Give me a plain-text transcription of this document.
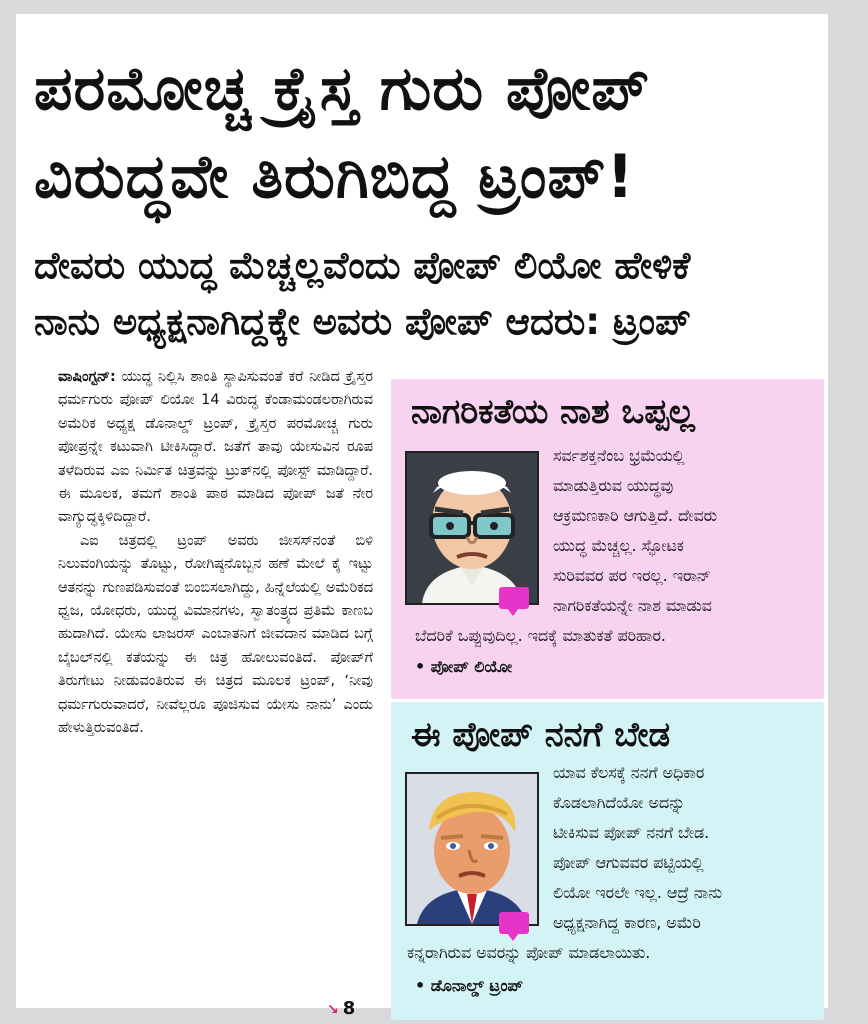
ಪರಮೋಚ್ಚ ಕ್ರೈಸ್ತ ಗುರು ಪೋಪ್
ವಿರುದ್ಧವೇ ತಿರುಗಿಬಿದ್ದ ಟ್ರಂಪ್!
ದೇವರು ಯುದ್ಧ ಮೆಚ್ಚಲ್ಲವೆಂದು ಪೋಪ್ ಲಿಯೋ ಹೇಳಿಕೆ
ನಾನು ಅಧ್ಯಕ್ಷನಾಗಿದ್ದಕ್ಕೇ ಅವರು ಪೋಪ್ ಆದರು: ಟ್ರಂಪ್

ವಾಷಿಂಗ್ಟನ್: ಯುದ್ಧ ನಿಲ್ಲಿಸಿ ಶಾಂತಿ ಸ್ಥಾಪಿಸುವಂತೆ ಕರೆ ನೀಡಿದ ಕ್ರೈಸ್ತರ ಧರ್ಮಗುರು ಪೋಪ್ ಲಿಯೋ 14 ವಿರುದ್ಧ ಕೆಂಡಾಮಂಡಲರಾಗಿರುವ ಅಮೆರಿಕ ಅಧ್ಯಕ್ಷ ಡೊನಾಲ್ಡ್ ಟ್ರಂಪ್, ಕ್ರೈಸ್ತರ ಪರಮೋಚ್ಚ ಗುರು ಪೋಪ್ರನ್ನೇ ಕಟುವಾಗಿ ಟೀಕಿಸಿದ್ದಾರೆ. ಜತೆಗೆ ತಾವು ಯೇಸುವಿನ ರೂಪ ತಳೆದಿರುವ ಎಐ ನಿರ್ಮಿತ ಚಿತ್ರವನ್ನು ಟ್ರುತ್‌ನಲ್ಲಿ ಪೋಸ್ಟ್ ಮಾಡಿದ್ದಾರೆ. ಈ ಮೂಲಕ, ತಮಗೆ ಶಾಂತಿ ಪಾಠ ಮಾಡಿದ ಪೋಪ್ ಜತೆ ನೇರ ವಾಗ್ಯುದ್ಧಕ್ಕಿಳಿದಿದ್ದಾರೆ.

ಎಐ ಚಿತ್ರದಲ್ಲಿ ಟ್ರಂಪ್ ಅವರು ಜೀಸಸ್‌ನಂತೆ ಬಿಳಿ ನಿಲುವಂಗಿಯನ್ನು ತೊಟ್ಟು, ರೋಗಿಷ್ಠನೊಬ್ಬನ ಹಣೆ ಮೇಲೆ ಕೈ ಇಟ್ಟು ಆತನನ್ನು ಗುಣಪಡಿಸುವಂತೆ ಬಿಂಬಿಸಲಾಗಿದ್ದು, ಹಿನ್ನೆಲೆಯಲ್ಲಿ ಅಮೆರಿಕದ ಧ್ವಜ, ಯೋಧರು, ಯುದ್ಧ ವಿಮಾನಗಳು, ಸ್ವಾತಂತ್ರ್ಯದ ಪ್ರತಿಮೆ ಕಾಣಬ ಹುದಾಗಿದೆ. ಯೇಸು ಲಾಜರಸ್ ಎಂಬಾತನಿಗೆ ಜೀವದಾನ ಮಾಡಿದ ಬಗ್ಗೆ ಬೈಬಲ್‌ನಲ್ಲಿ ಕತೆಯನ್ನು ಈ ಚಿತ್ರ ಹೋಲುವಂತಿದೆ. ಪೋಪ್‌ಗೆ ತಿರುಗೇಟು ನೀಡುವಂತಿರುವ ಈ ಚಿತ್ರದ ಮೂಲಕ ಟ್ರಂಪ್, ‘ನೀವು ಧರ್ಮಗುರುವಾದರೆ, ನೀವೆಲ್ಲರೂ ಪೂಜಿಸುವ ಯೇಸು ನಾನು’ ಎಂದು ಹೇಳುತ್ತಿರುವಂತಿದೆ.

↘ 8
ನಾಗರಿಕತೆಯ ನಾಶ ಒಪ್ಪಲ್ಲ

ಸರ್ವಶಕ್ತನೆಂಬ ಭ್ರಮೆಯಲ್ಲಿ
ಮಾಡುತ್ತಿರುವ ಯುದ್ಧವು
ಆಕ್ರಮಣಕಾರಿ ಆಗುತ್ತಿದೆ. ದೇವರು
ಯುದ್ಧ ಮೆಚ್ಚಲ್ಲ. ಸ್ಫೋಟಕ
ಸುರಿವವರ ಪರ ಇರಲ್ಲ. ಇರಾನ್
ನಾಗರಿಕತೆಯನ್ನೇ ನಾಶ ಮಾಡುವ
ಬೆದರಿಕೆ ಒಪ್ಪುವುದಿಲ್ಲ. ಇದಕ್ಕೆ ಮಾತುಕತೆ ಪರಿಹಾರ.

• ಪೋಪ್ ಲಿಯೋ

ಈ ಪೋಪ್ ನನಗೆ ಬೇಡ

ಯಾವ ಕೆಲಸಕ್ಕೆ ನನಗೆ ಅಧಿಕಾರ
ಕೊಡಲಾಗಿದೆಯೋ ಅದನ್ನು
ಟೀಕಿಸುವ ಪೋಪ್ ನನಗೆ ಬೇಡ.
ಪೋಪ್ ಆಗುವವರ ಪಟ್ಟಿಯಲ್ಲಿ
ಲಿಯೋ ಇರಲೇ ಇಲ್ಲ. ಆದ್ರೆ ನಾನು
ಅಧ್ಯಕ್ಷನಾಗಿದ್ದ ಕಾರಣ, ಅಮೆರಿ
ಕನ್ನರಾಗಿರುವ ಅವರನ್ನು ಪೋಪ್ ಮಾಡಲಾಯಿತು.

• ಡೊನಾಲ್ಡ್ ಟ್ರಂಪ್
